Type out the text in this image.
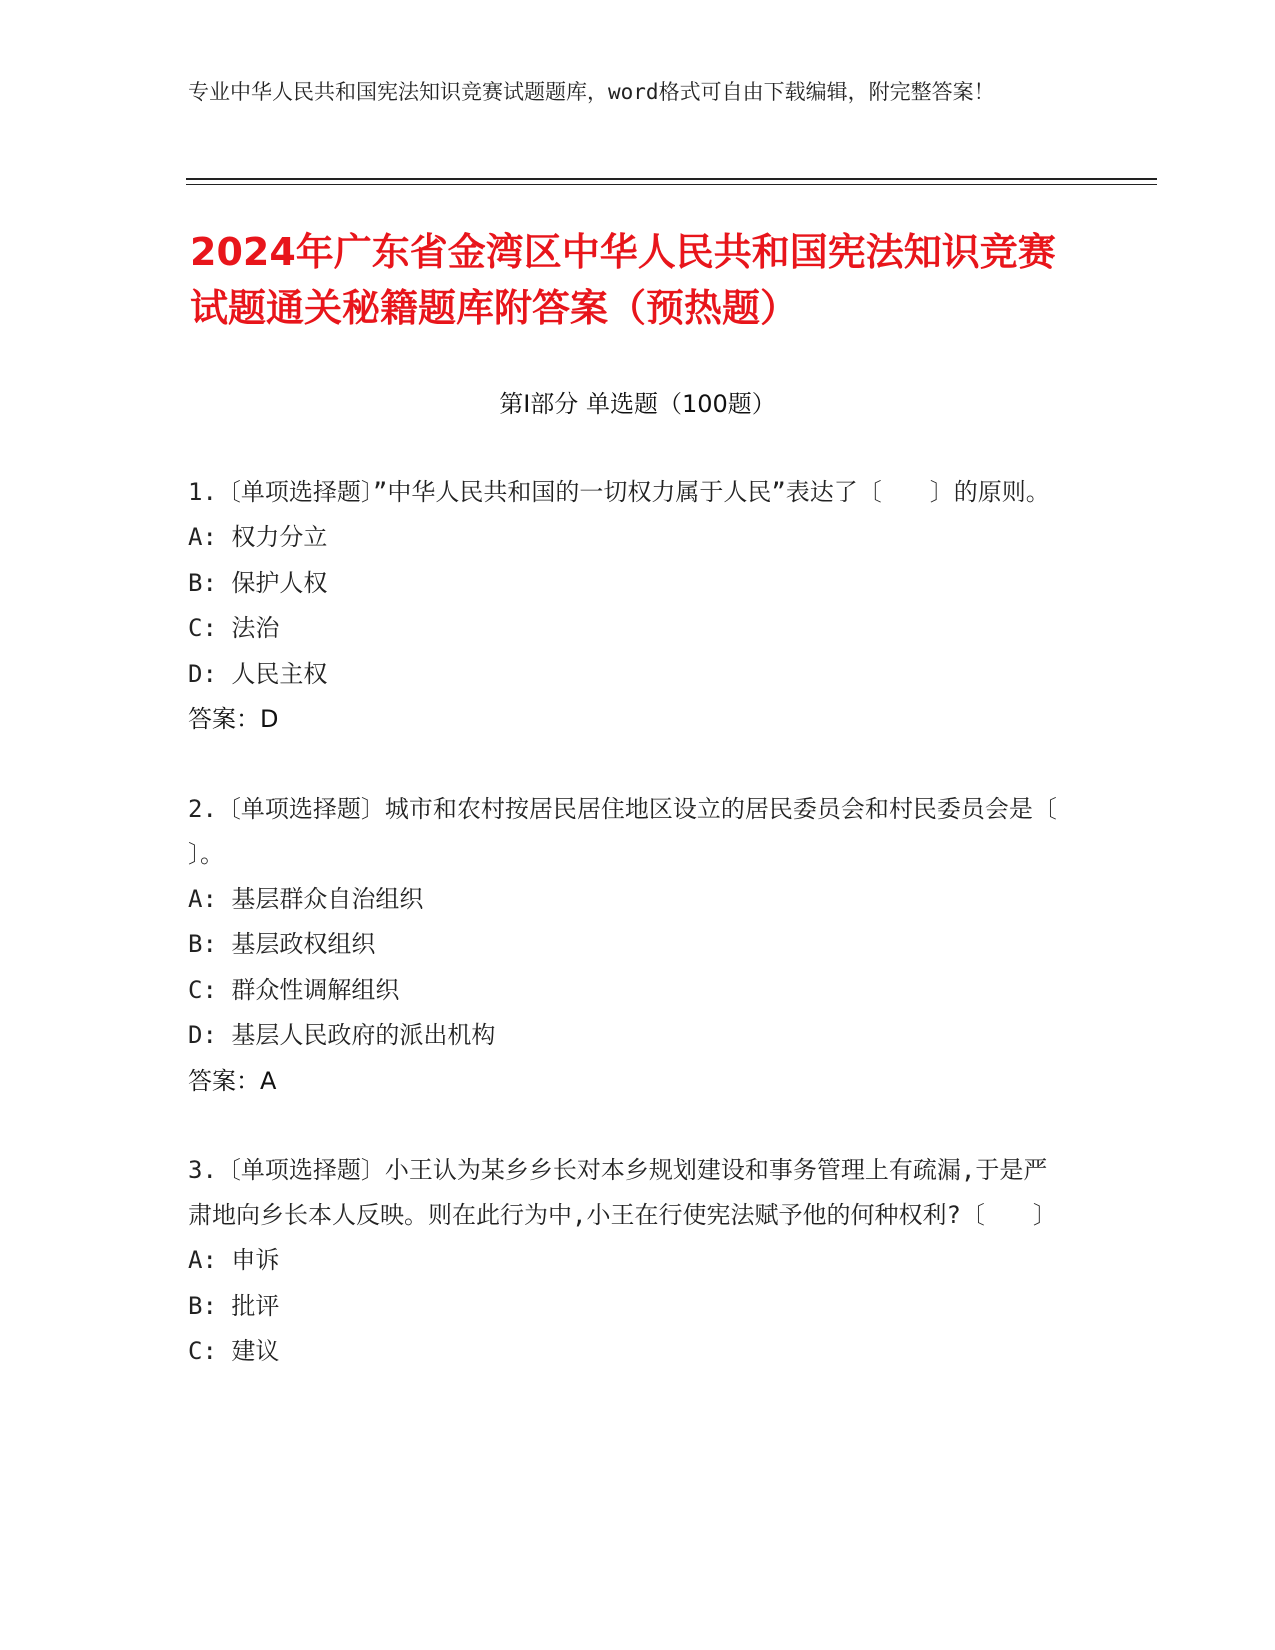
专业中华人民共和国宪法知识竞赛试题题库，word格式可自由下载编辑，附完整答案！
2024年广东省金湾区中华人民共和国宪法知识竞赛试题通关秘籍题库附答案（预热题）
第I部分 单选题（100题）
1.〔单项选择题〕”中华人民共和国的一切权力属于人民”表达了〔　　〕的原则。
A: 权力分立
B: 保护人权
C: 法治
D: 人民主权
答案：D
2.〔单项选择题〕城市和农村按居民居住地区设立的居民委员会和村民委员会是〔　　〕。
A: 基层群众自治组织
B: 基层政权组织
C: 群众性调解组织
D: 基层人民政府的派出机构
答案：A
3.〔单项选择题〕小王认为某乡乡长对本乡规划建设和事务管理上有疏漏,于是严肃地向乡长本人反映。则在此行为中,小王在行使宪法赋予他的何种权利?〔　　〕
A: 申诉
B: 批评
C: 建议
